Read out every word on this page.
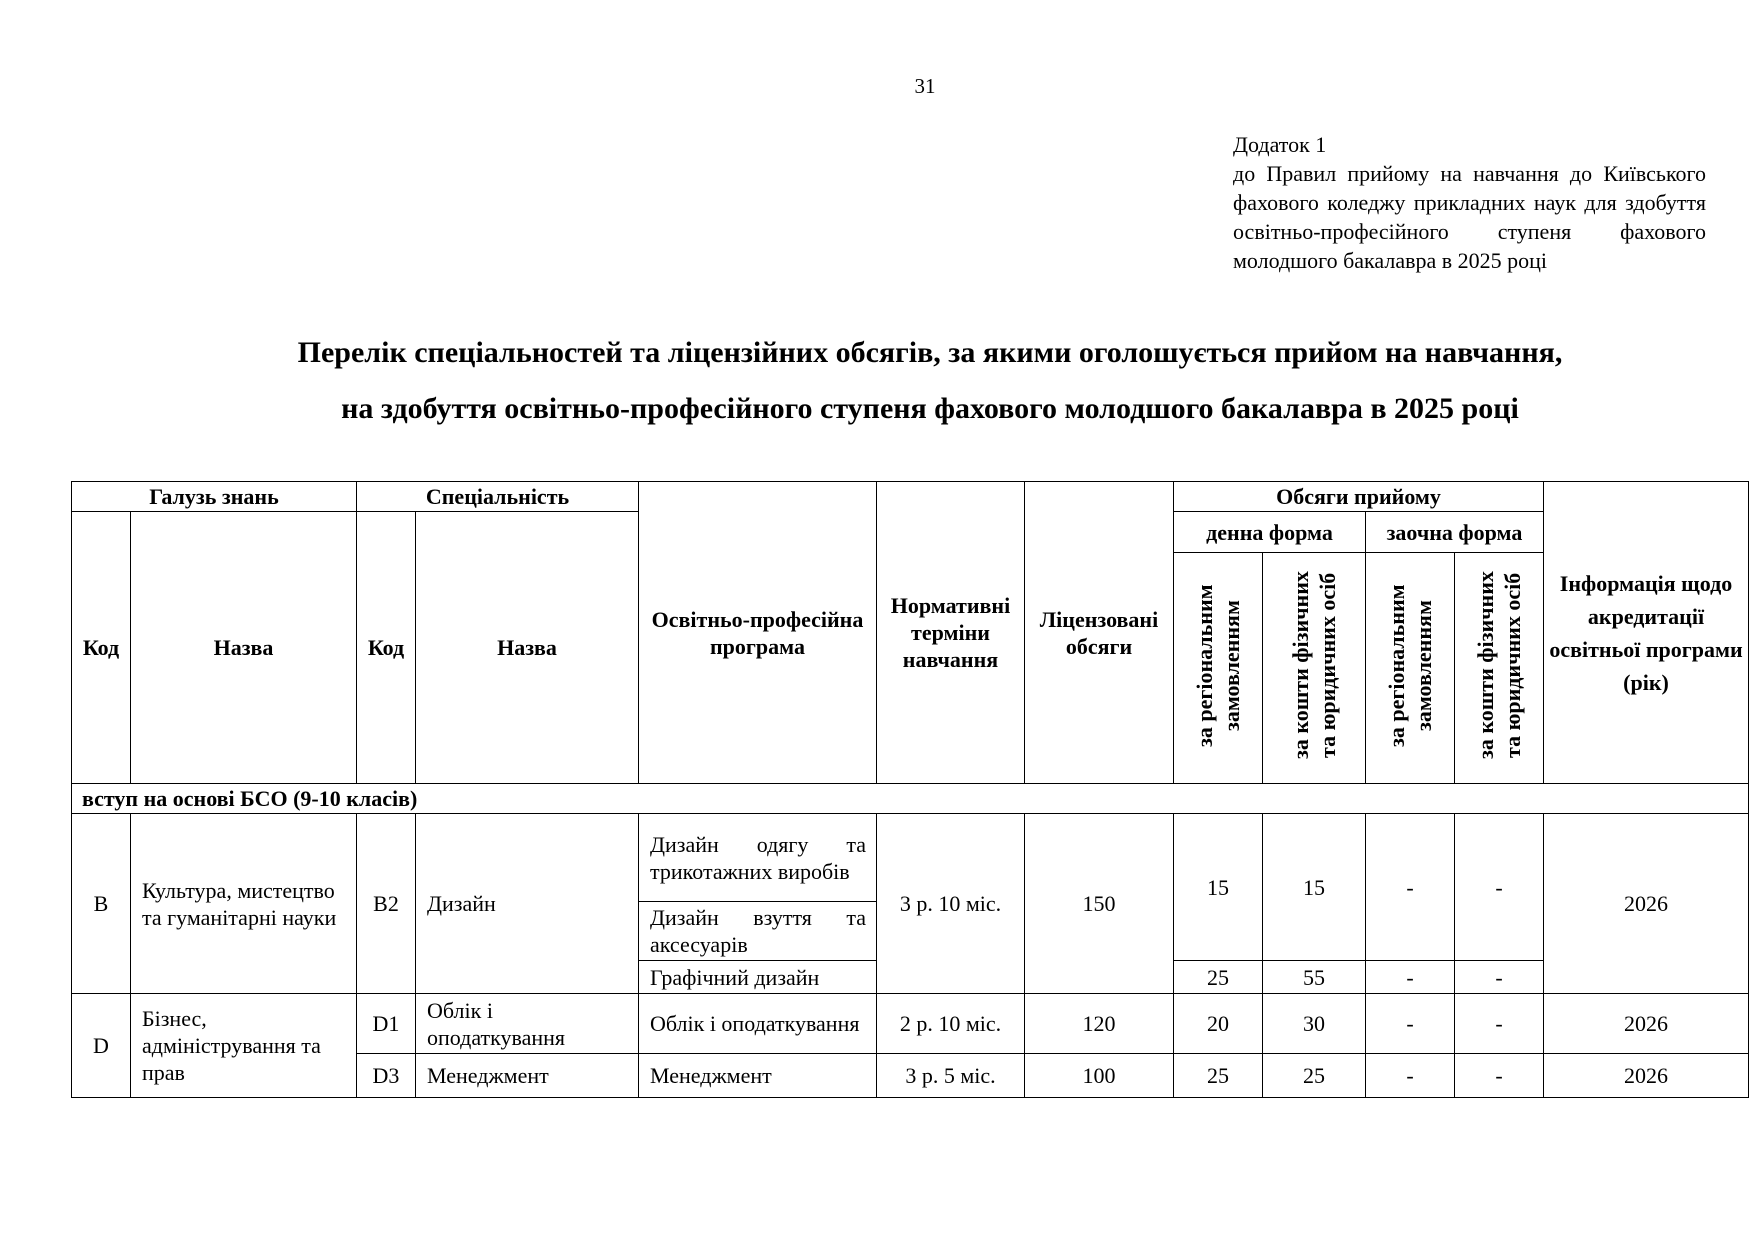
31
Додаток 1
до Правил прийому на навчання до Київського фахового коледжу прикладних наук для здобуття освітньо-професійного ступеня фахового молодшого бакалавра в 2025 році
Перелік спеціальностей та ліцензійних обсягів, за якими оголошується прийом на навчання,
на здобуття освітньо-професійного ступеня фахового молодшого бакалавра в 2025 році
Галузь знань		Спеціальність		Освітньо-професійна програма	Нормативні терміни навчання	Ліцензовані обсяги	Обсяги прийому				Інформація щодо акредитації освітньої програми (рік)
Код	Назва	Код	Назва				денна форма		заочна форма		
							за регіональним замовленням	за кошти фізичних та юридичних осіб	за регіональним замовленням	за кошти фізичних та юридичних осіб	
вступ на основі БСО (9-10 класів)											
B	Культура, мистецтво та гуманітарні науки	B2	Дизайн	Дизайн одягу та трикотажних виробів	3 р. 10 міс.	150	15	15	-	-	2026
				Дизайн взуття та аксесуарів							
				Графічний дизайн			25	55	-	-	
D	Бізнес, адміністрування та прав	D1	Облік і оподаткування	Облік і оподаткування	2 р. 10 міс.	120	20	30	-	-	2026
		D3	Менеджмент	Менеджмент	3 р. 5 міс.	100	25	25	-	-	2026
